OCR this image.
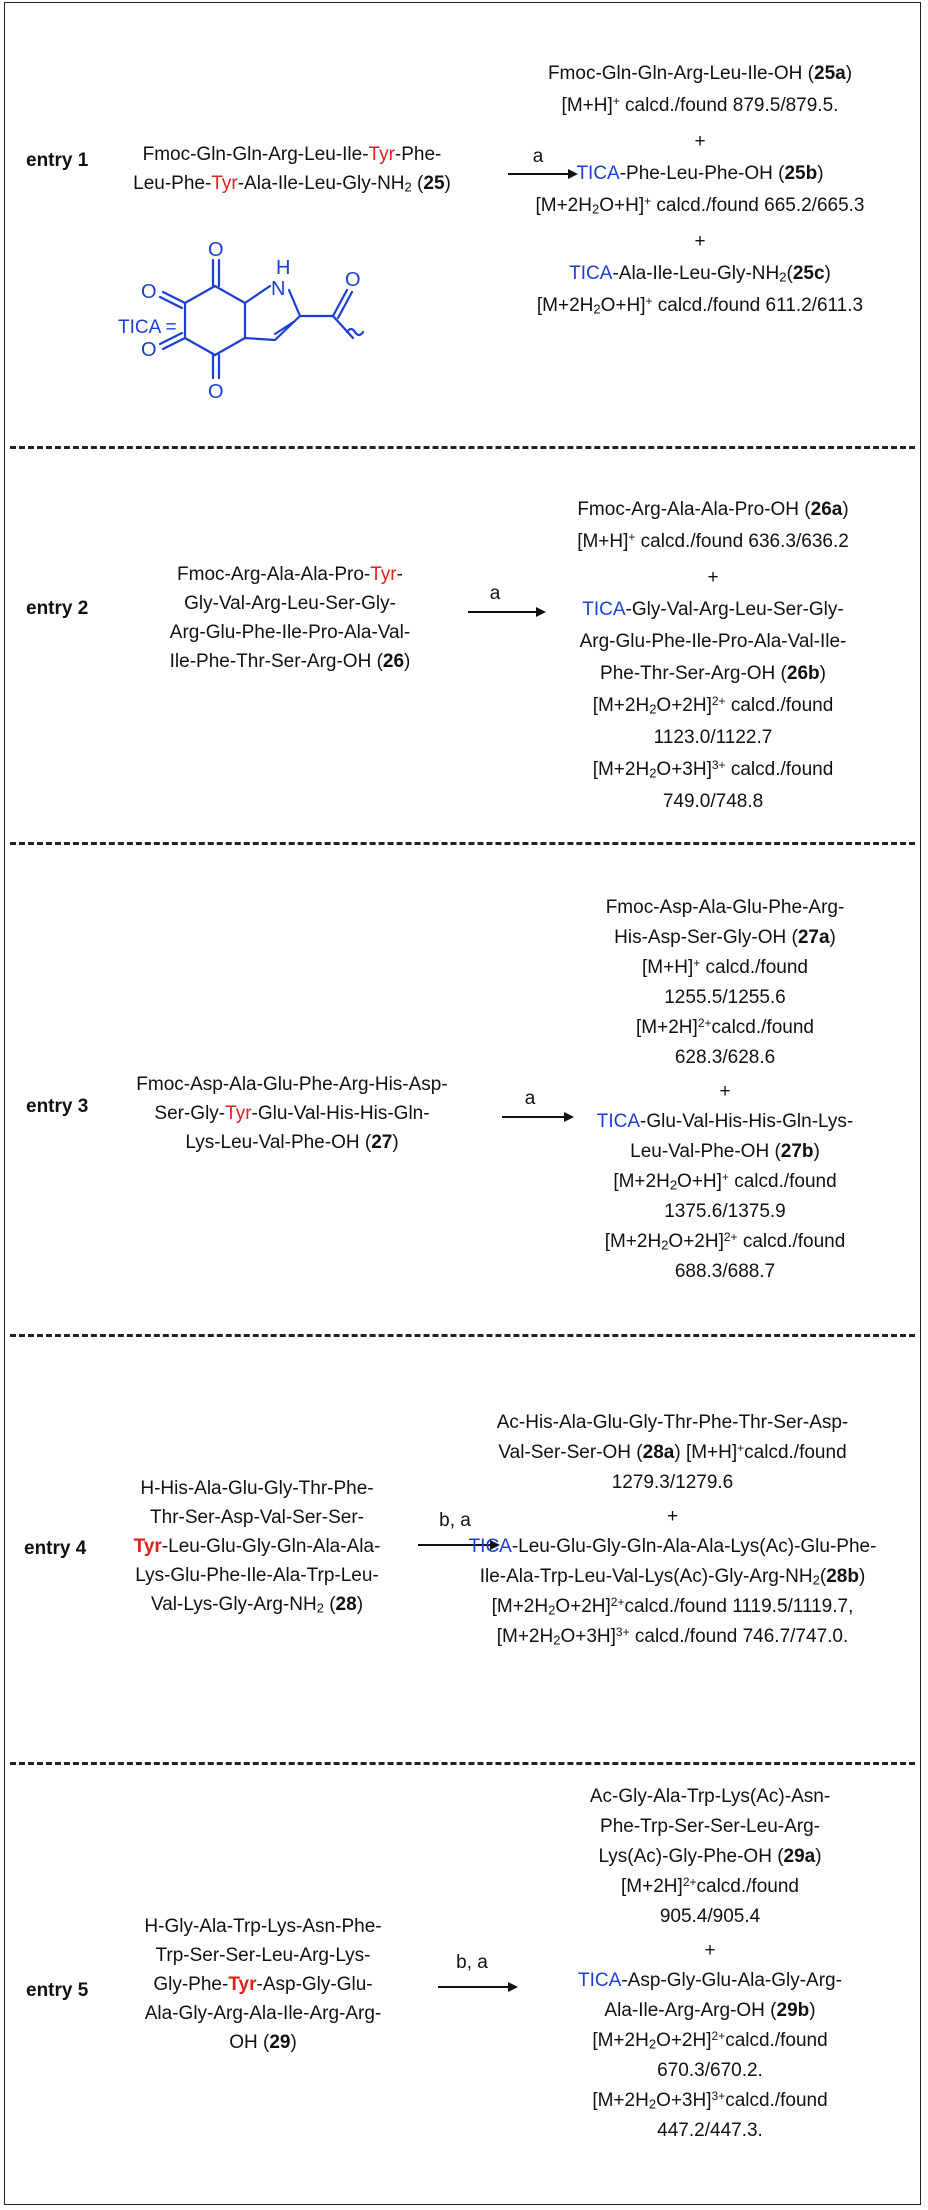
entry 1	Fmoc-Gln-Gln-Arg-Leu-Ile-Tyr-Phe-
Leu-$Phe-Tyr-Ala-Ile-Leu-Gly-NH_2$ (25)
a
Fmoc-Gln-Gln-Arg-Leu-Ile-OH (25a)
[M+H]+ calcd./found 879.5/879.5.
+
TICA-Phe-Leu-Phe-OH (25b)
$[M+2H_2O+H]^+$ calcd./found 665.2/665.3
+
TICA-$Ala-Ile-Leu-Gly-NH_2(25c)$
$[M+2H_2O+H]^+$ calcd./found 611.2/611.3
O
O
O
O
N
H
O
TICA =
entry 2
Fmoc-Arg-Ala-Ala-Pro-Tyr-
Gly-Val-Arg-Leu-Ser-Gly-
Arg-Glu-Phe-Ile-Pro-Ala-Val-
Ile-Phe-Thr-Ser-Arg-OH (26)
a
Fmoc-Arg-Ala-Ala-Pro-OH (26a)
[M+H]+ calcd./found 636.3/636.2
+
TICA-Gly-Val-Arg-Leu-Ser-Gly-
Arg-Glu-Phe-Ile-Pro-Ala-Val-Ile-
Phe-Thr-Ser-Arg-OH (26b)
$[M+2H_2O+2H]^{2+}$ calcd./found
1123.0/1122.7
$[M+2H_2O+3H]^{3+}$ calcd./found
749.0/748.8
entry 3
Fmoc-Asp-Ala-Glu-Phe-Arg-His-Asp-
Ser-Gly-Tyr-Glu-Val-His-His-Gln-
Lys-Leu-Val-Phe-OH (27)
a
Fmoc-Asp-Ala-Glu-Phe-Arg-
His-Asp-Ser-Gly-OH (27a)
[M+H]+ calcd./found
1255.5/1255.6
$[M+2H]^{2+}calcd$./found
628.3/628.6
+
TICA-Glu-Val-His-His-Gln-Lys-
Leu-Val-Phe-OH (27b)
$[M+2H_2O+H]^+$ calcd./found
1375.6/1375.9
$[M+2H_2O+2H]^{2+}$ calcd./found
688.3/688.7
entry 4
H-His-Ala-Glu-Gly-Thr-Phe-
Thr-Ser-Asp-Val-Ser-Ser-
Tyr-Leu-Glu-Gly-Gln-Ala-Ala-
Lys-Glu-Phe-Ile-Ala-Trp-Leu-
Val-$Lys-Gly-Arg-NH_2$ (28)
b, a
Ac-His-Ala-Glu-Gly-Thr-Phe-Thr-Ser-Asp-
Val-Ser-Ser-OH (28a) [M+H]+calcd./found
1279.3/1279.6
+
TICA-Leu-Glu-Gly-Gln-Ala-Ala-Lys(Ac)-Glu-Phe-
Ile-$Ala-Trp-Leu-Val-Lys(Ac)-Gly-Arg-NH_2(28b)$
$[M+2H_2O+2H]^{2+}calcd$./found 1119.5/1119.7,
$[M+2H_2O+3H]^{3+}$ calcd./found 746.7/747.0.
entry 5
H-Gly-Ala-Trp-Lys-Asn-Phe-
Trp-Ser-Ser-Leu-Arg-Lys-
Gly-Phe-Tyr-Asp-Gly-Glu-
Ala-Gly-Arg-Ala-Ile-Arg-Arg-
OH (29)
b, a
Ac-Gly-Ala-Trp-Lys(Ac)-Asn-
Phe-Trp-Ser-Ser-Leu-Arg-
Lys(Ac)-Gly-Phe-OH (29a)
$[M+2H]^{2+}calcd$./found
905.4/905.4
+
TICA-Asp-Gly-Glu-Ala-Gly-Arg-
Ala-Ile-Arg-Arg-OH (29b)
$[M+2H_2O+2H]^{2+}calcd$./found
670.3/670.2.
$[M+2H_2O+3H]^{3+}calcd$./found
447.2/447.3.
